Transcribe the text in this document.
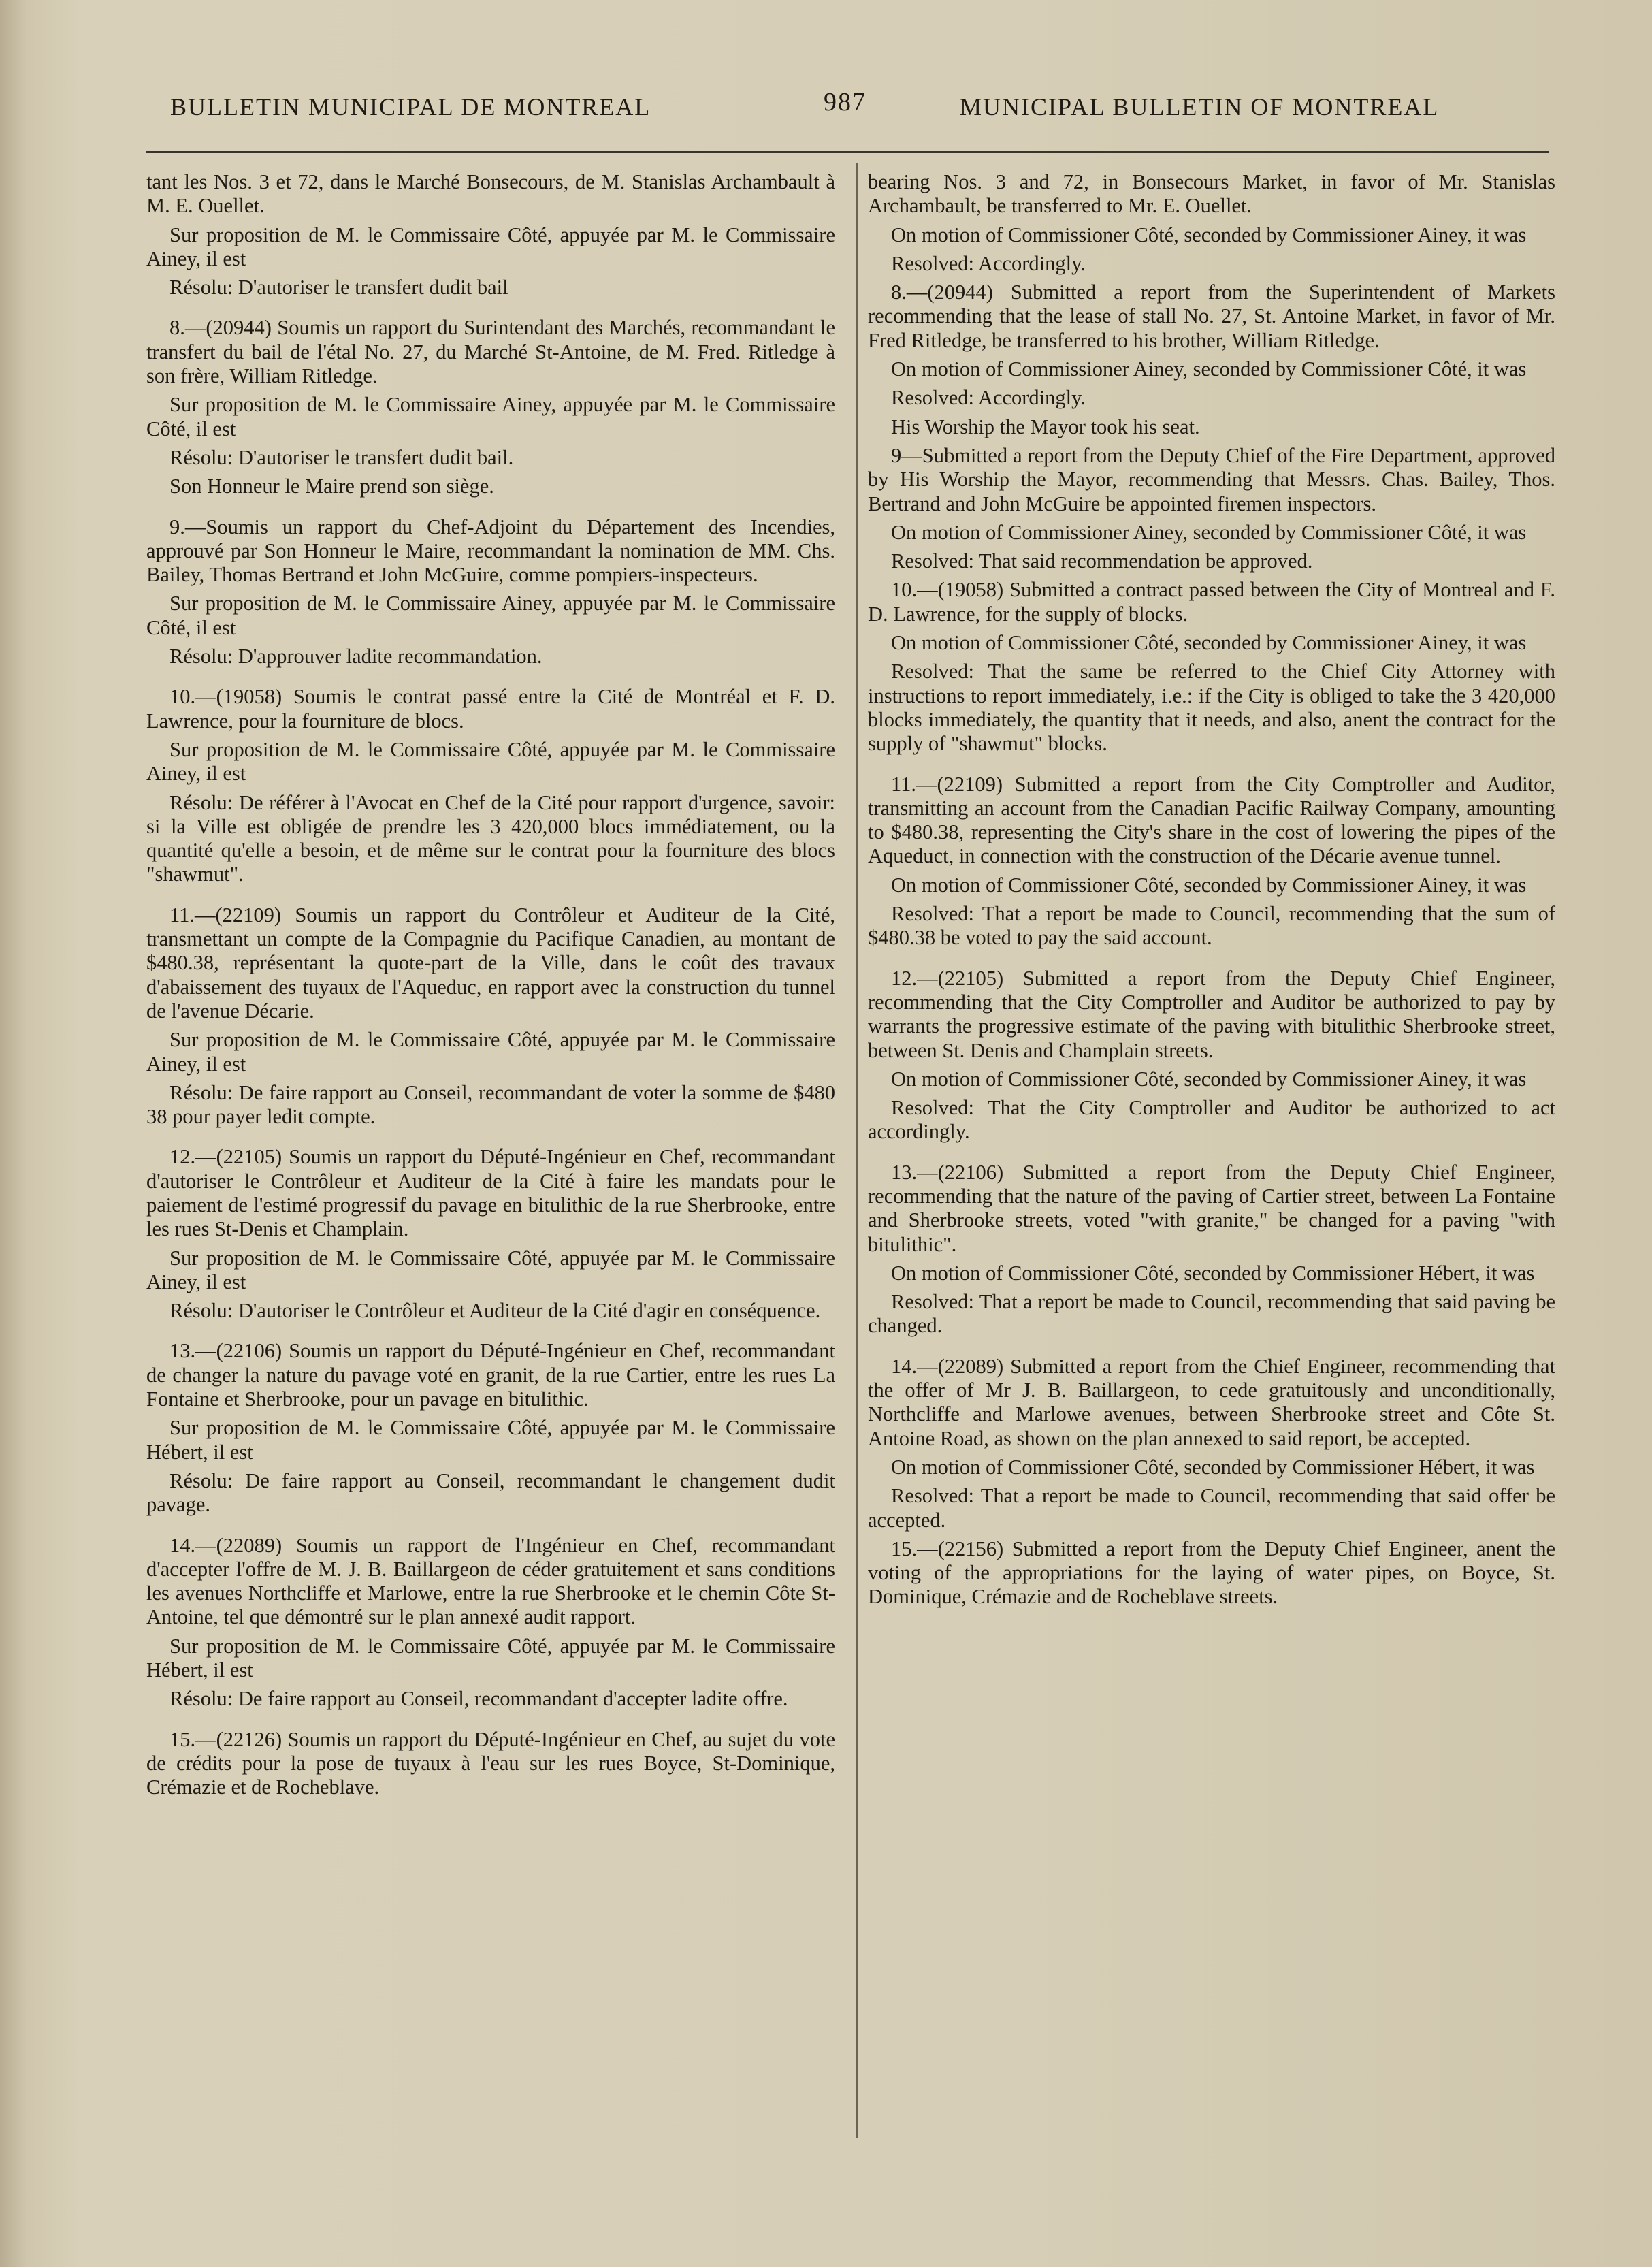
BULLETIN MUNICIPAL DE MONTREAL	987	MUNICIPAL BULLETIN OF MONTREAL

tant les Nos. 3 et 72, dans le Marché Bonsecours, de M. Stanislas Archambault à M. E. Ouellet.

Sur proposition de M. le Commissaire Côté, appuyée par M. le Commissaire Ainey, il est

Résolu: D'autoriser le transfert dudit bail

8.—(20944) Soumis un rapport du Surintendant des Marchés, recommandant le transfert du bail de l'étal No. 27, du Marché St-Antoine, de M. Fred. Ritledge à son frère, William Ritledge.

Sur proposition de M. le Commissaire Ainey, appuyée par M. le Commissaire Côté, il est

Résolu: D'autoriser le transfert dudit bail.

Son Honneur le Maire prend son siège.

9.—Soumis un rapport du Chef-Adjoint du Département des Incendies, approuvé par Son Honneur le Maire, recommandant la nomination de MM. Chs. Bailey, Thomas Bertrand et John McGuire, comme pompiers-inspecteurs.

Sur proposition de M. le Commissaire Ainey, appuyée par M. le Commissaire Côté, il est

Résolu: D'approuver ladite recommandation.

10.—(19058) Soumis le contrat passé entre la Cité de Montréal et F. D. Lawrence, pour la fourniture de blocs.

Sur proposition de M. le Commissaire Côté, appuyée par M. le Commissaire Ainey, il est

Résolu: De référer à l'Avocat en Chef de la Cité pour rapport d'urgence, savoir: si la Ville est obligée de prendre les 3 420,000 blocs immédiatement, ou la quantité qu'elle a besoin, et de même sur le contrat pour la fourniture des blocs "shawmut".

11.—(22109) Soumis un rapport du Contrôleur et Auditeur de la Cité, transmettant un compte de la Compagnie du Pacifique Canadien, au montant de $480.38, représentant la quote-part de la Ville, dans le coût des travaux d'abaissement des tuyaux de l'Aqueduc, en rapport avec la construction du tunnel de l'avenue Décarie.

Sur proposition de M. le Commissaire Côté, appuyée par M. le Commissaire Ainey, il est

Résolu: De faire rapport au Conseil, recommandant de voter la somme de $480 38 pour payer ledit compte.

12.—(22105) Soumis un rapport du Député-Ingénieur en Chef, recommandant d'autoriser le Contrôleur et Auditeur de la Cité à faire les mandats pour le paiement de l'estimé progressif du pavage en bitulithic de la rue Sherbrooke, entre les rues St-Denis et Champlain.

Sur proposition de M. le Commissaire Côté, appuyée par M. le Commissaire Ainey, il est

Résolu: D'autoriser le Contrôleur et Auditeur de la Cité d'agir en conséquence.

13.—(22106) Soumis un rapport du Député-Ingénieur en Chef, recommandant de changer la nature du pavage voté en granit, de la rue Cartier, entre les rues La Fontaine et Sherbrooke, pour un pavage en bitulithic.

Sur proposition de M. le Commissaire Côté, appuyée par M. le Commissaire Hébert, il est

Résolu: De faire rapport au Conseil, recommandant le changement dudit pavage.

14.—(22089) Soumis un rapport de l'Ingénieur en Chef, recommandant d'accepter l'offre de M. J. B. Baillargeon de céder gratuitement et sans conditions les avenues Northcliffe et Marlowe, entre la rue Sherbrooke et le chemin Côte St-Antoine, tel que démontré sur le plan annexé audit rapport.

Sur proposition de M. le Commissaire Côté, appuyée par M. le Commissaire Hébert, il est

Résolu: De faire rapport au Conseil, recommandant d'accepter ladite offre.

15.—(22126) Soumis un rapport du Député-Ingénieur en Chef, au sujet du vote de crédits pour la pose de tuyaux à l'eau sur les rues Boyce, St-Dominique, Crémazie et de Rocheblave.

bearing Nos. 3 and 72, in Bonsecours Market, in favor of Mr. Stanislas Archambault, be transferred to Mr. E. Ouellet.

On motion of Commissioner Côté, seconded by Commissioner Ainey, it was

Resolved: Accordingly.

8.—(20944) Submitted a report from the Superintendent of Markets recommending that the lease of stall No. 27, St. Antoine Market, in favor of Mr. Fred Ritledge, be transferred to his brother, William Ritledge.

On motion of Commissioner Ainey, seconded by Commissioner Côté, it was

Resolved: Accordingly.

His Worship the Mayor took his seat.

9—Submitted a report from the Deputy Chief of the Fire Department, approved by His Worship the Mayor, recommending that Messrs. Chas. Bailey, Thos. Bertrand and John McGuire be appointed firemen inspectors.

On motion of Commissioner Ainey, seconded by Commissioner Côté, it was

Resolved: That said recommendation be approved.

10.—(19058) Submitted a contract passed between the City of Montreal and F. D. Lawrence, for the supply of blocks.

On motion of Commissioner Côté, seconded by Commissioner Ainey, it was

Resolved: That the same be referred to the Chief City Attorney with instructions to report immediately, i.e.: if the City is obliged to take the 3 420,000 blocks immediately, the quantity that it needs, and also, anent the contract for the supply of "shawmut" blocks.

11.—(22109) Submitted a report from the City Comptroller and Auditor, transmitting an account from the Canadian Pacific Railway Company, amounting to $480.38, representing the City's share in the cost of lowering the pipes of the Aqueduct, in connection with the construction of the Décarie avenue tunnel.

On motion of Commissioner Côté, seconded by Commissioner Ainey, it was

Resolved: That a report be made to Council, recommending that the sum of $480.38 be voted to pay the said account.

12.—(22105) Submitted a report from the Deputy Chief Engineer, recommending that the City Comptroller and Auditor be authorized to pay by warrants the progressive estimate of the paving with bitulithic Sherbrooke street, between St. Denis and Champlain streets.

On motion of Commissioner Côté, seconded by Commissioner Ainey, it was

Resolved: That the City Comptroller and Auditor be authorized to act accordingly.

13.—(22106) Submitted a report from the Deputy Chief Engineer, recommending that the nature of the paving of Cartier street, between La Fontaine and Sherbrooke streets, voted "with granite," be changed for a paving "with bitulithic".

On motion of Commissioner Côté, seconded by Commissioner Hébert, it was

Resolved: That a report be made to Council, recommending that said paving be changed.

14.—(22089) Submitted a report from the Chief Engineer, recommending that the offer of Mr J. B. Baillargeon, to cede gratuitously and unconditionally, Northcliffe and Marlowe avenues, between Sherbrooke street and Côte St. Antoine Road, as shown on the plan annexed to said report, be accepted.

On motion of Commissioner Côté, seconded by Commissioner Hébert, it was

Resolved: That a report be made to Council, recommending that said offer be accepted.

15.—(22156) Submitted a report from the Deputy Chief Engineer, anent the voting of the appropriations for the laying of water pipes, on Boyce, St. Dominique, Crémazie and de Rocheblave streets.
